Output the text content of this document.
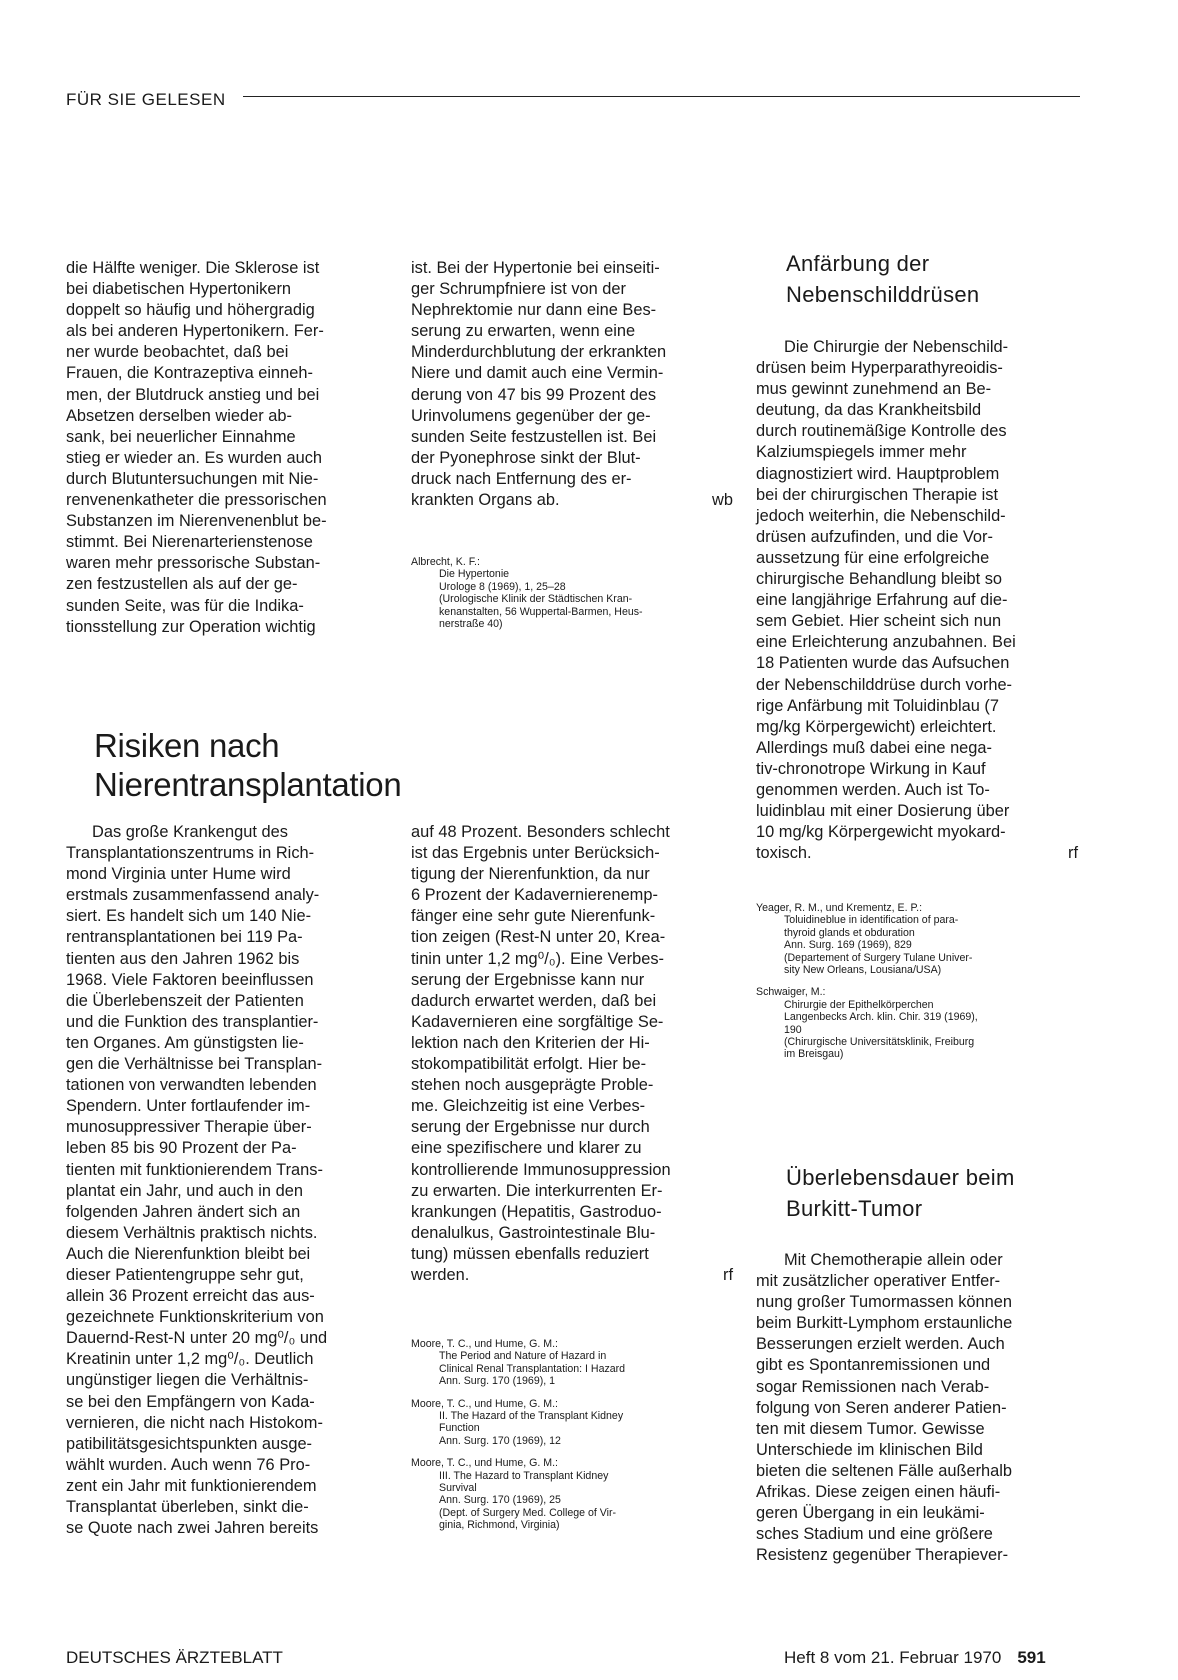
FÜR SIE GELESEN

die Hälfte weniger. Die Sklerose ist

bei diabetischen Hypertonikern

doppelt so häufig und höhergradig

als bei anderen Hypertonikern. Fer-

ner wurde beobachtet, daß bei

Frauen, die Kontrazeptiva einneh-

men, der Blutdruck anstieg und bei

Absetzen derselben wieder ab-

sank, bei neuerlicher Einnahme

stieg er wieder an. Es wurden auch

durch Blutuntersuchungen mit Nie-

renvenenkatheter die pressorischen

Substanzen im Nierenvenenblut be-

stimmt. Bei Nierenarterienstenose

waren mehr pressorische Substan-

zen festzustellen als auf der ge-

sunden Seite, was für die Indika-

tionsstellung zur Operation wichtig

ist. Bei der Hypertonie bei einseiti-

ger Schrumpfniere ist von der

Nephrektomie nur dann eine Bes-

serung zu erwarten, wenn eine

Minderdurchblutung der erkrankten

Niere und damit auch eine Vermin-

derung von 47 bis 99 Prozent des

Urinvolumens gegenüber der ge-

sunden Seite festzustellen ist. Bei

der Pyonephrose sinkt der Blut-

druck nach Entfernung des er-

krankten Organs ab.	wb

Albrecht, K. F.:

Die Hypertonie

Urologe 8 (1969), 1, 25–28

(Urologische Klinik der Städtischen Kran-

kenanstalten, 56 Wuppertal-Barmen, Heus-

nerstraße 40)

Risiken nach
Nierentransplantation

Das große Krankengut des

Transplantationszentrums in Rich-

mond Virginia unter Hume wird

erstmals zusammenfassend analy-

siert. Es handelt sich um 140 Nie-

rentransplantationen bei 119 Pa-

tienten aus den Jahren 1962 bis

1968. Viele Faktoren beeinflussen

die Überlebenszeit der Patienten

und die Funktion des transplantier-

ten Organes. Am günstigsten lie-

gen die Verhältnisse bei Transplan-

tationen von verwandten lebenden

Spendern. Unter fortlaufender im-

munosuppressiver Therapie über-

leben 85 bis 90 Prozent der Pa-

tienten mit funktionierendem Trans-

plantat ein Jahr, und auch in den

folgenden Jahren ändert sich an

diesem Verhältnis praktisch nichts.

Auch die Nierenfunktion bleibt bei

dieser Patientengruppe sehr gut,

allein 36 Prozent erreicht das aus-

gezeichnete Funktionskriterium von

Dauernd-Rest-N unter 20 mg⁰/₀ und

Kreatinin unter 1,2 mg⁰/₀. Deutlich

ungünstiger liegen die Verhältnis-

se bei den Empfängern von Kada-

vernieren, die nicht nach Histokom-

patibilitätsgesichtspunkten ausge-

wählt wurden. Auch wenn 76 Pro-

zent ein Jahr mit funktionierendem

Transplantat überleben, sinkt die-

se Quote nach zwei Jahren bereits

auf 48 Prozent. Besonders schlecht

ist das Ergebnis unter Berücksich-

tigung der Nierenfunktion, da nur

6 Prozent der Kadavernierenemp-

fänger eine sehr gute Nierenfunk-

tion zeigen (Rest-N unter 20, Krea-

tinin unter 1,2 mg⁰/₀). Eine Verbes-

serung der Ergebnisse kann nur

dadurch erwartet werden, daß bei

Kadavernieren eine sorgfältige Se-

lektion nach den Kriterien der Hi-

stokompatibilität erfolgt. Hier be-

stehen noch ausgeprägte Proble-

me. Gleichzeitig ist eine Verbes-

serung der Ergebnisse nur durch

eine spezifischere und klarer zu

kontrollierende Immunosuppression

zu erwarten. Die interkurrenten Er-

krankungen (Hepatitis, Gastroduo-

denalulkus, Gastrointestinale Blu-

tung) müssen ebenfalls reduziert

werden.	rf

Moore, T. C., und Hume, G. M.:

The Period and Nature of Hazard in

Clinical Renal Transplantation: I Hazard

Ann. Surg. 170 (1969), 1

Moore, T. C., und Hume, G. M.:

II. The Hazard of the Transplant Kidney

Function

Ann. Surg. 170 (1969), 12

Moore, T. C., und Hume, G. M.:

III. The Hazard to Transplant Kidney

Survival

Ann. Surg. 170 (1969), 25

(Dept. of Surgery Med. College of Vir-

ginia, Richmond, Virginia)

Anfärbung der
Nebenschilddrüsen

Die Chirurgie der Nebenschild-

drüsen beim Hyperparathyreoidis-

mus gewinnt zunehmend an Be-

deutung, da das Krankheitsbild

durch routinemäßige Kontrolle des

Kalziumspiegels immer mehr

diagnostiziert wird. Hauptproblem

bei der chirurgischen Therapie ist

jedoch weiterhin, die Nebenschild-

drüsen aufzufinden, und die Vor-

aussetzung für eine erfolgreiche

chirurgische Behandlung bleibt so

eine langjährige Erfahrung auf die-

sem Gebiet. Hier scheint sich nun

eine Erleichterung anzubahnen. Bei

18 Patienten wurde das Aufsuchen

der Nebenschilddrüse durch vorhe-

rige Anfärbung mit Toluidinblau (7

mg/kg Körpergewicht) erleichtert.

Allerdings muß dabei eine nega-

tiv-chronotrope Wirkung in Kauf

genommen werden. Auch ist To-

luidinblau mit einer Dosierung über

10 mg/kg Körpergewicht myokard-

toxisch.	rf

Yeager, R. M., und Krementz, E. P.:

Toluidineblue in identification of para-

thyroid glands et obduration

Ann. Surg. 169 (1969), 829

(Departement of Surgery Tulane Univer-

sity New Orleans, Lousiana/USA)

Schwaiger, M.:

Chirurgie der Epithelkörperchen

Langenbecks Arch. klin. Chir. 319 (1969),

190

(Chirurgische Universitätsklinik, Freiburg

im Breisgau)

Überlebensdauer beim
Burkitt-Tumor

Mit Chemotherapie allein oder

mit zusätzlicher operativer Entfer-

nung großer Tumormassen können

beim Burkitt-Lymphom erstaunliche

Besserungen erzielt werden. Auch

gibt es Spontanremissionen und

sogar Remissionen nach Verab-

folgung von Seren anderer Patien-

ten mit diesem Tumor. Gewisse

Unterschiede im klinischen Bild

bieten die seltenen Fälle außerhalb

Afrikas. Diese zeigen einen häufi-

geren Übergang in ein leukämi-

sches Stadium und eine größere

Resistenz gegenüber Therapiever-

DEUTSCHES ÄRZTEBLATT	Heft 8 vom 21. Februar 1970 591
